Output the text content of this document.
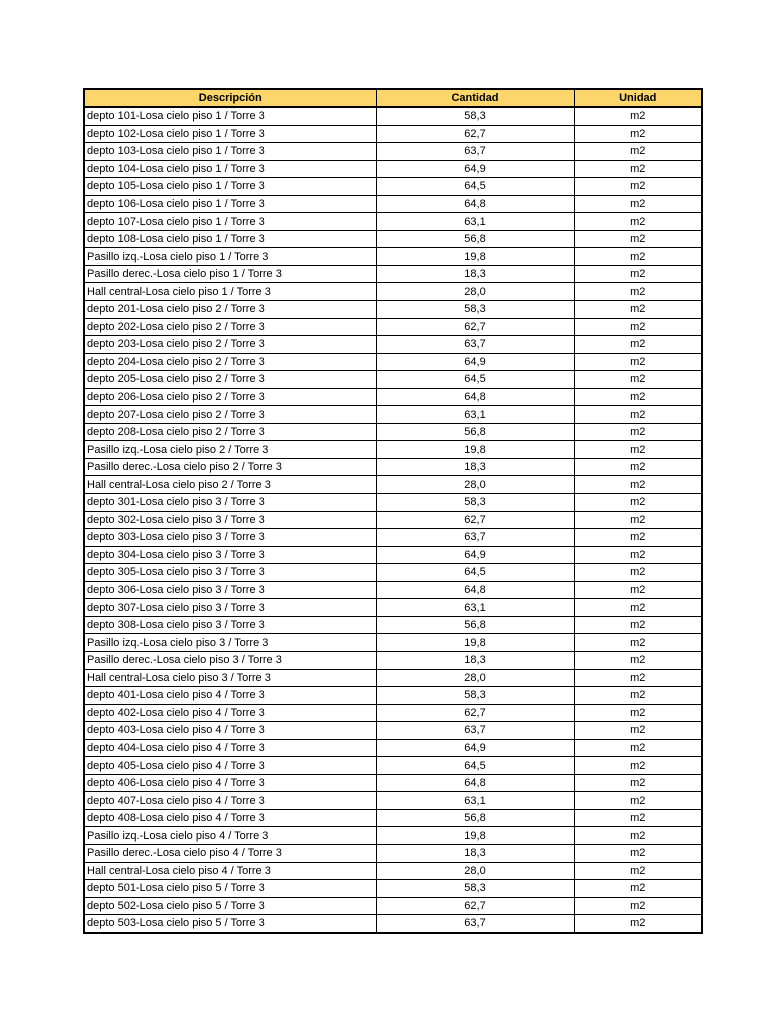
Descripción	Cantidad	Unidad
depto 101-Losa cielo piso 1 / Torre 3	58,3	m2
depto 102-Losa cielo piso 1 / Torre 3	62,7	m2
depto 103-Losa cielo piso 1 / Torre 3	63,7	m2
depto 104-Losa cielo piso 1 / Torre 3	64,9	m2
depto 105-Losa cielo piso 1 / Torre 3	64,5	m2
depto 106-Losa cielo piso 1 / Torre 3	64,8	m2
depto 107-Losa cielo piso 1 / Torre 3	63,1	m2
depto 108-Losa cielo piso 1 / Torre 3	56,8	m2
Pasillo izq.-Losa cielo piso 1 / Torre 3	19,8	m2
Pasillo derec.-Losa cielo piso 1 / Torre 3	18,3	m2
Hall central-Losa cielo piso 1 / Torre 3	28,0	m2
depto 201-Losa cielo piso 2 / Torre 3	58,3	m2
depto 202-Losa cielo piso 2 / Torre 3	62,7	m2
depto 203-Losa cielo piso 2 / Torre 3	63,7	m2
depto 204-Losa cielo piso 2 / Torre 3	64,9	m2
depto 205-Losa cielo piso 2 / Torre 3	64,5	m2
depto 206-Losa cielo piso 2 / Torre 3	64,8	m2
depto 207-Losa cielo piso 2 / Torre 3	63,1	m2
depto 208-Losa cielo piso 2 / Torre 3	56,8	m2
Pasillo izq.-Losa cielo piso 2 / Torre 3	19,8	m2
Pasillo derec.-Losa cielo piso 2 / Torre 3	18,3	m2
Hall central-Losa cielo piso 2 / Torre 3	28,0	m2
depto 301-Losa cielo piso 3 / Torre 3	58,3	m2
depto 302-Losa cielo piso 3 / Torre 3	62,7	m2
depto 303-Losa cielo piso 3 / Torre 3	63,7	m2
depto 304-Losa cielo piso 3 / Torre 3	64,9	m2
depto 305-Losa cielo piso 3 / Torre 3	64,5	m2
depto 306-Losa cielo piso 3 / Torre 3	64,8	m2
depto 307-Losa cielo piso 3 / Torre 3	63,1	m2
depto 308-Losa cielo piso 3 / Torre 3	56,8	m2
Pasillo izq.-Losa cielo piso 3 / Torre 3	19,8	m2
Pasillo derec.-Losa cielo piso 3 / Torre 3	18,3	m2
Hall central-Losa cielo piso 3 / Torre 3	28,0	m2
depto 401-Losa cielo piso 4 / Torre 3	58,3	m2
depto 402-Losa cielo piso 4 / Torre 3	62,7	m2
depto 403-Losa cielo piso 4 / Torre 3	63,7	m2
depto 404-Losa cielo piso 4 / Torre 3	64,9	m2
depto 405-Losa cielo piso 4 / Torre 3	64,5	m2
depto 406-Losa cielo piso 4 / Torre 3	64,8	m2
depto 407-Losa cielo piso 4 / Torre 3	63,1	m2
depto 408-Losa cielo piso 4 / Torre 3	56,8	m2
Pasillo izq.-Losa cielo piso 4 / Torre 3	19,8	m2
Pasillo derec.-Losa cielo piso 4 / Torre 3	18,3	m2
Hall central-Losa cielo piso 4 / Torre 3	28,0	m2
depto 501-Losa cielo piso 5 / Torre 3	58,3	m2
depto 502-Losa cielo piso 5 / Torre 3	62,7	m2
depto 503-Losa cielo piso 5 / Torre 3	63,7	m2
